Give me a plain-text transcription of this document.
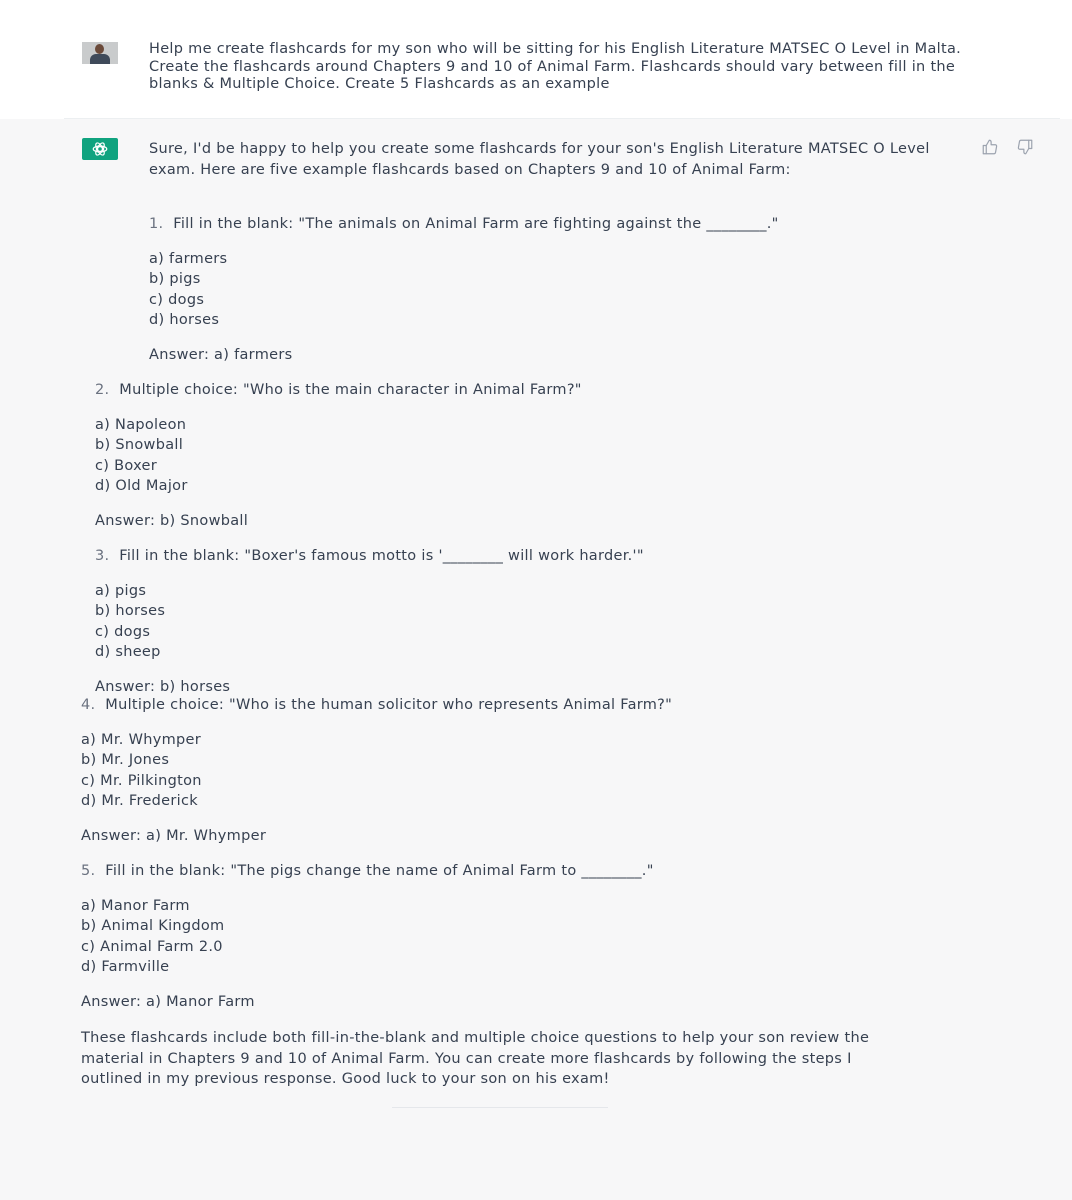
Help me create flashcards for my son who will be sitting for his English Literature MATSEC O Level in Malta. Create the flashcards around Chapters 9 and 10 of Animal Farm. Flashcards should vary between fill in the blanks & Multiple Choice. Create 5 Flashcards as an example

Sure, I'd be happy to help you create some flashcards for your son's English Literature MATSEC O Level exam. Here are five example flashcards based on Chapters 9 and 10 of Animal Farm:

1. Fill in the blank: "The animals on Animal Farm are fighting against the ________."

a) farmers

b) pigs

c) dogs

d) horses

Answer: a) farmers

2. Multiple choice: "Who is the main character in Animal Farm?"

a) Napoleon

b) Snowball

c) Boxer

d) Old Major

Answer: b) Snowball

3. Fill in the blank: "Boxer's famous motto is '________ will work harder.'"

a) pigs

b) horses

c) dogs

d) sheep

Answer: b) horses

4. Multiple choice: "Who is the human solicitor who represents Animal Farm?"

a) Mr. Whymper

b) Mr. Jones

c) Mr. Pilkington

d) Mr. Frederick

Answer: a) Mr. Whymper

5. Fill in the blank: "The pigs change the name of Animal Farm to ________."

a) Manor Farm

b) Animal Kingdom

c) Animal Farm 2.0

d) Farmville

Answer: a) Manor Farm

These flashcards include both fill-in-the-blank and multiple choice questions to help your son review the material in Chapters 9 and 10 of Animal Farm. You can create more flashcards by following the steps I outlined in my previous response. Good luck to your son on his exam!
